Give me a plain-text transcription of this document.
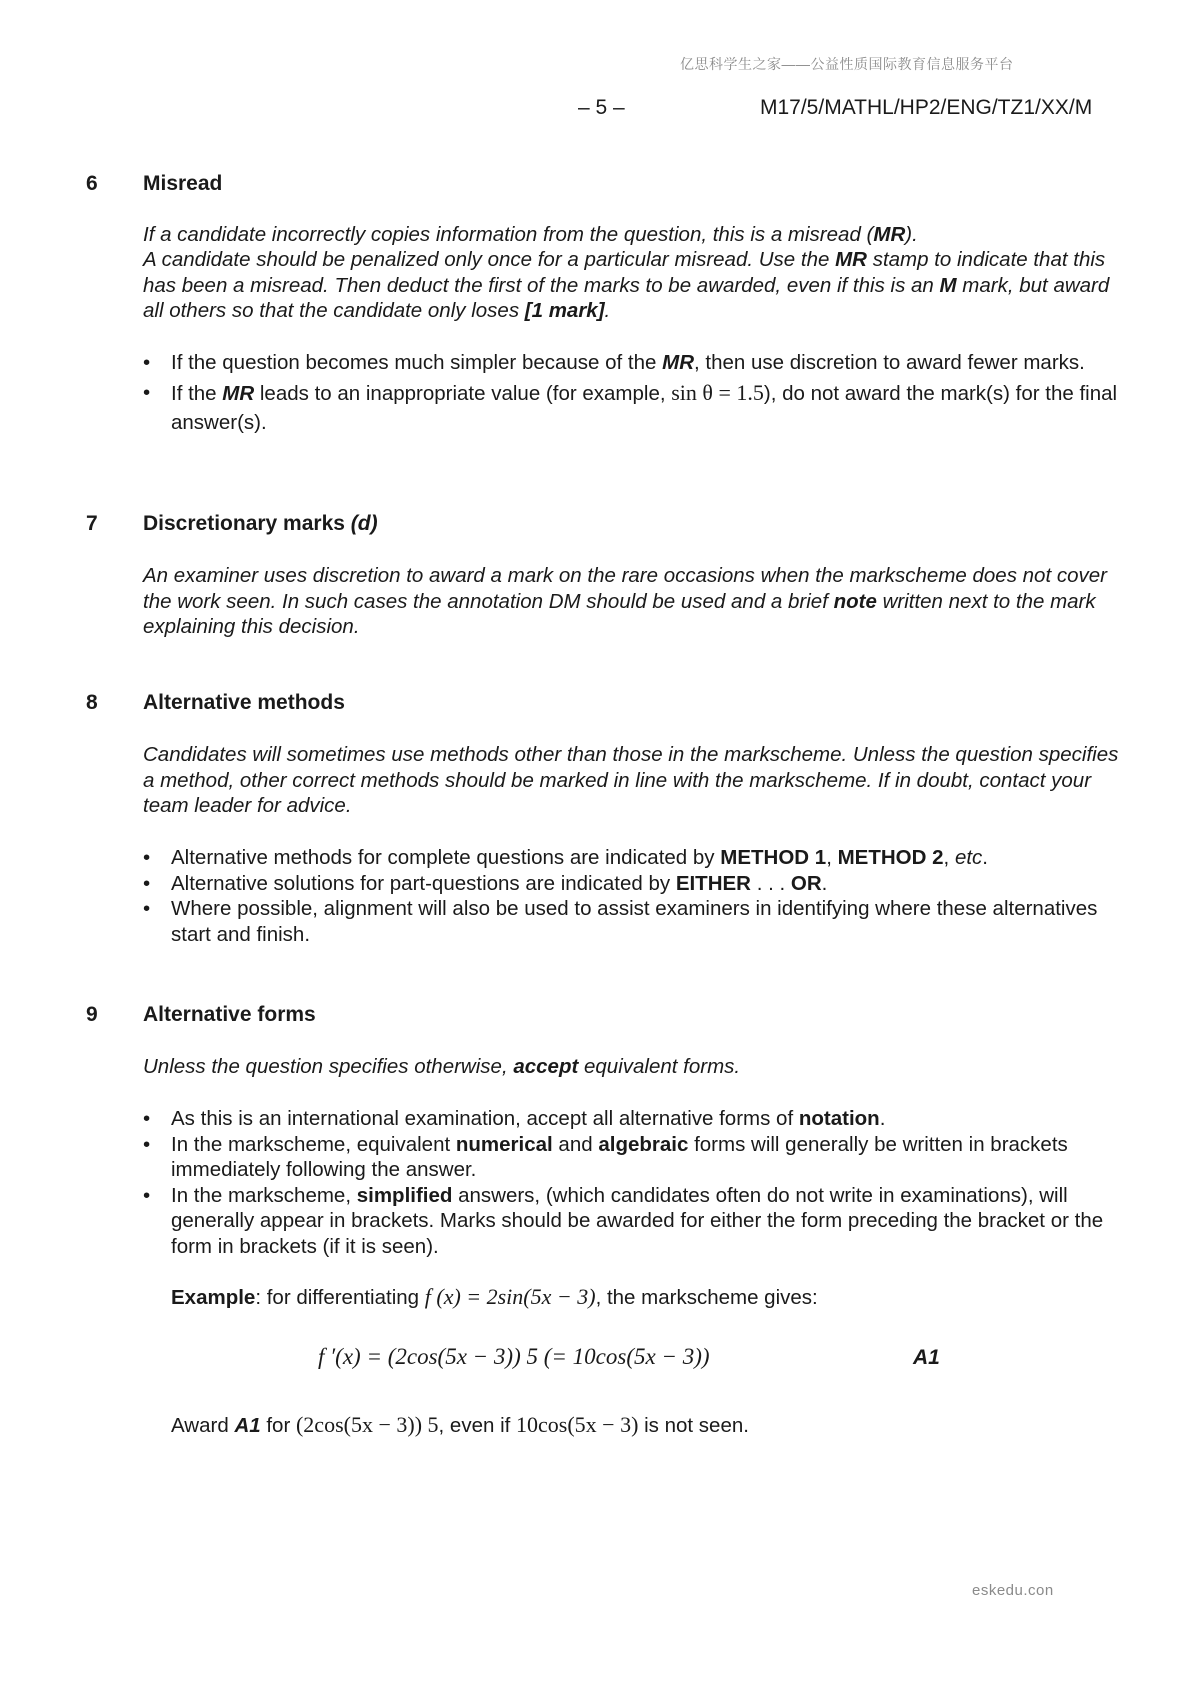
亿思科学生之家——公益性质国际教育信息服务平台
– 5 –	M17/5/MATHL/HP2/ENG/TZ1/XX/M
6 Misread
If a candidate incorrectly copies information from the question, this is a misread (MR).
A candidate should be penalized only once for a particular misread. Use the MR stamp to indicate that this has been a misread. Then deduct the first of the marks to be awarded, even if this is an M mark, but award all others so that the candidate only loses [1 mark].
• If the question becomes much simpler because of the MR, then use discretion to award fewer marks.
• If the MR leads to an inappropriate value (for example, sin θ = 1.5), do not award the mark(s) for the final answer(s).
7 Discretionary marks (d)
An examiner uses discretion to award a mark on the rare occasions when the markscheme does not cover the work seen. In such cases the annotation DM should be used and a brief note written next to the mark explaining this decision.
8 Alternative methods
Candidates will sometimes use methods other than those in the markscheme. Unless the question specifies a method, other correct methods should be marked in line with the markscheme. If in doubt, contact your team leader for advice.
• Alternative methods for complete questions are indicated by METHOD 1, METHOD 2, etc.
• Alternative solutions for part-questions are indicated by EITHER . . . OR.
• Where possible, alignment will also be used to assist examiners in identifying where these alternatives start and finish.
9 Alternative forms
Unless the question specifies otherwise, accept equivalent forms.
• As this is an international examination, accept all alternative forms of notation.
• In the markscheme, equivalent numerical and algebraic forms will generally be written in brackets immediately following the answer.
• In the markscheme, simplified answers, (which candidates often do not write in examinations), will generally appear in brackets. Marks should be awarded for either the form preceding the bracket or the form in brackets (if it is seen).
Example: for differentiating f (x) = 2sin(5x − 3), the markscheme gives:
f ′(x) = (2cos(5x − 3)) 5 (= 10cos(5x − 3))	A1
Award A1 for (2cos(5x − 3)) 5, even if 10cos(5x − 3) is not seen.
eskedu.con
